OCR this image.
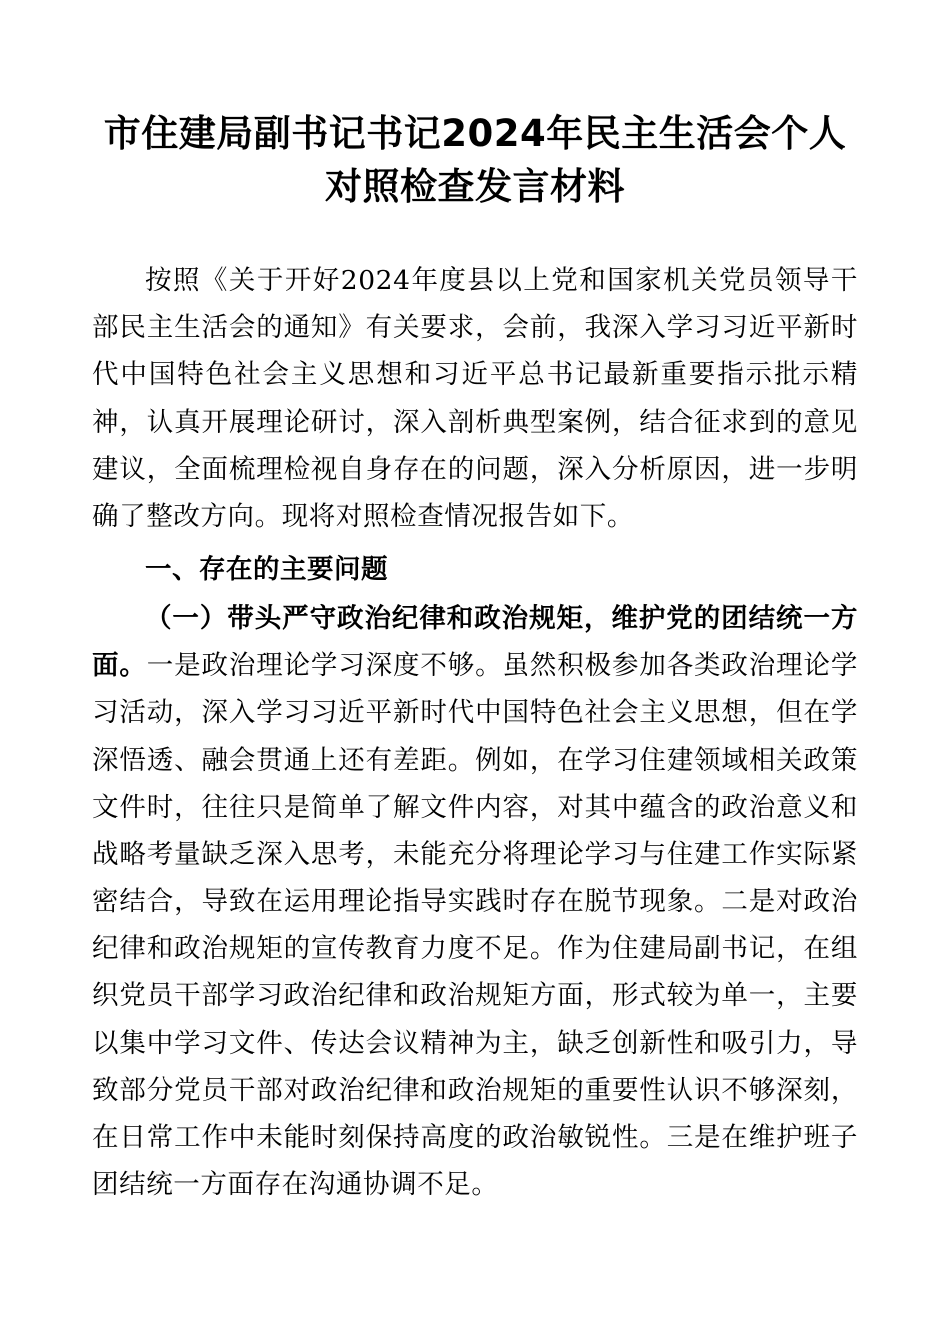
市住建局副书记书记2024年民主生活会个人对照检查发言材料

按照《关于开好2024年度县以上党和国家机关党员领导干部民主生活会的通知》有关要求，会前，我深入学习习近平新时代中国特色社会主义思想和习近平总书记最新重要指示批示精神，认真开展理论研讨，深入剖析典型案例，结合征求到的意见建议，全面梳理检视自身存在的问题，深入分析原因，进一步明确了整改方向。现将对照检查情况报告如下。

一、存在的主要问题

（一）带头严守政治纪律和政治规矩，维护党的团结统一方面。一是政治理论学习深度不够。虽然积极参加各类政治理论学习活动，深入学习习近平新时代中国特色社会主义思想，但在学深悟透、融会贯通上还有差距。例如，在学习住建领域相关政策文件时，往往只是简单了解文件内容，对其中蕴含的政治意义和战略考量缺乏深入思考，未能充分将理论学习与住建工作实际紧密结合，导致在运用理论指导实践时存在脱节现象。二是对政治纪律和政治规矩的宣传教育力度不足。作为住建局副书记，在组织党员干部学习政治纪律和政治规矩方面，形式较为单一，主要以集中学习文件、传达会议精神为主，缺乏创新性和吸引力，导致部分党员干部对政治纪律和政治规矩的重要性认识不够深刻，在日常工作中未能时刻保持高度的政治敏锐性。三是在维护班子团结统一方面存在沟通协调不足。
